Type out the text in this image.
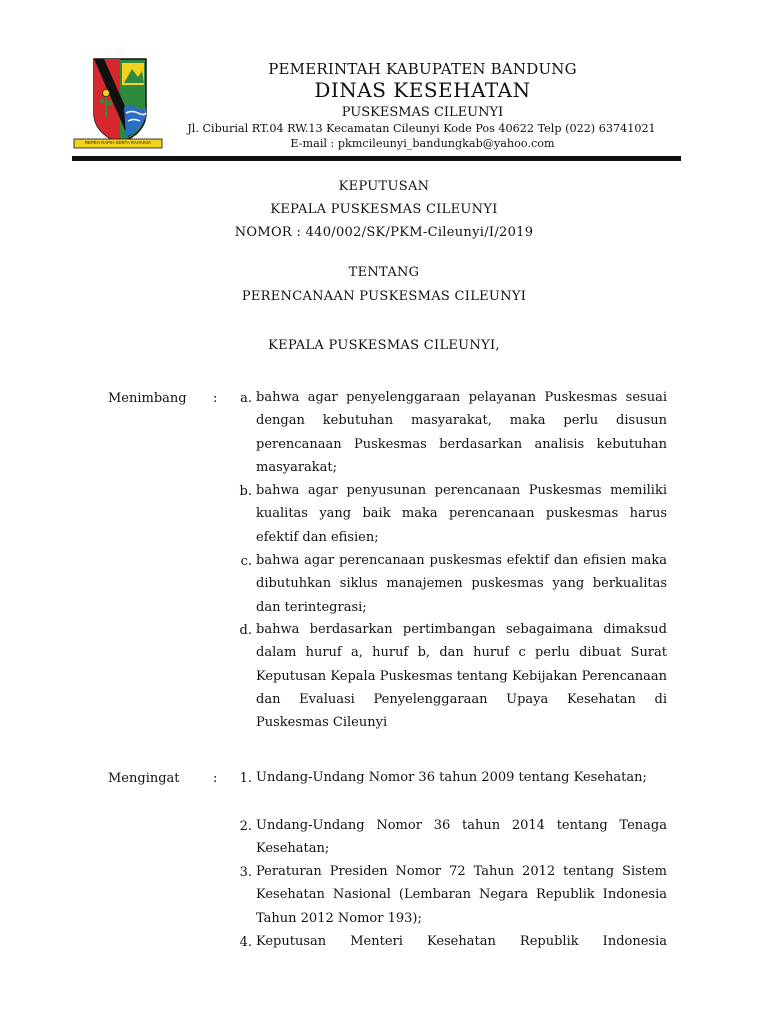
REPEH RAPIH KERTA RAHARJA
PEMERINTAH KABUPATEN BANDUNG
DINAS KESEHATAN
PUSKESMAS CILEUNYI
Jl. Ciburial RT.04 RW.13 Kecamatan Cileunyi Kode Pos 40622 Telp (022) 63741021
E-mail : pkmcileunyi_bandungkab@yahoo.com
KEPUTUSAN
KEPALA PUSKESMAS CILEUNYI
NOMOR : 440/002/SK/PKM-Cileunyi/I/2019
TENTANG
PERENCANAAN PUSKESMAS CILEUNYI
KEPALA PUSKESMAS CILEUNYI,
Menimbang :	a. bahwa agar penyelenggaraan pelayanan Puskesmas sesuai dengan kebutuhan masyarakat, maka perlu disusun perencanaan Puskesmas berdasarkan analisis kebutuhan masyarakat;
b. bahwa agar penyusunan perencanaan Puskesmas memiliki kualitas yang baik maka perencanaan puskesmas harus efektif dan efisien;
c. bahwa agar perencanaan puskesmas efektif dan efisien maka dibutuhkan siklus manajemen puskesmas yang berkualitas dan terintegrasi;
d. bahwa berdasarkan pertimbangan sebagaimana dimaksud dalam huruf a, huruf b, dan huruf c perlu dibuat Surat Keputusan Kepala Puskesmas tentang Kebijakan Perencanaan dan Evaluasi Penyelenggaraan Upaya Kesehatan di Puskesmas Cileunyi
Mengingat	:	1. Undang-Undang Nomor 36 tahun 2009 tentang Kesehatan;
2. Undang-Undang Nomor 36 tahun 2014 tentang Tenaga Kesehatan;
3. Peraturan Presiden Nomor 72 Tahun 2012 tentang Sistem Kesehatan Nasional (Lembaran Negara Republik Indonesia Tahun 2012 Nomor 193);
4. Keputusan Menteri Kesehatan Republik Indonesia
